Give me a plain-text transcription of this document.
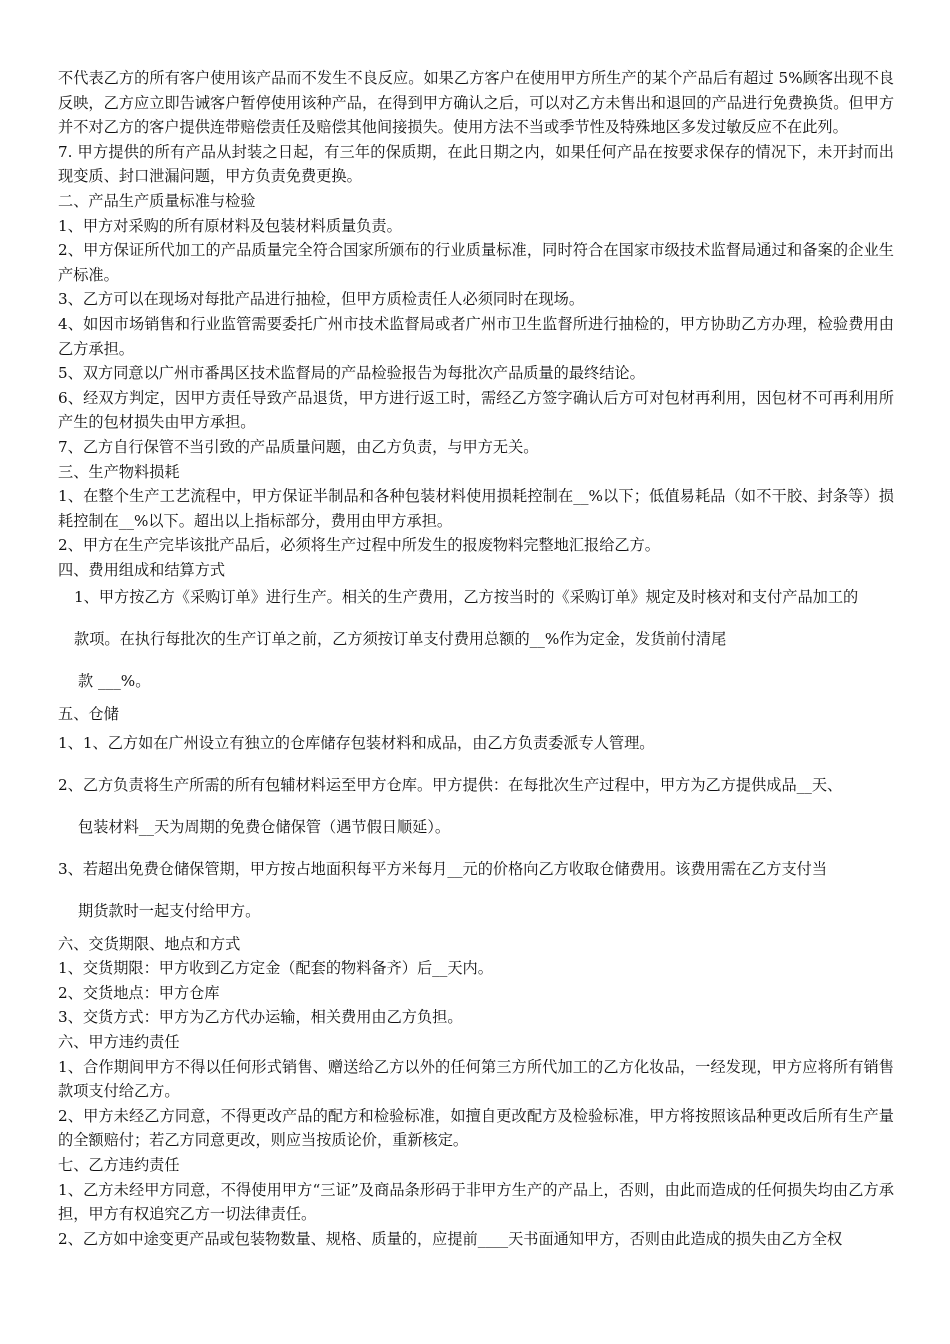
不代表乙方的所有客户使用该产品而不发生不良反应。如果乙方客户在使用甲方所生产的某个产品后有超过 5%顾客出现不良反映，乙方应立即告诫客户暂停使用该种产品，在得到甲方确认之后，可以对乙方未售出和退回的产品进行免费换货。但甲方并不对乙方的客户提供连带赔偿责任及赔偿其他间接损失。使用方法不当或季节性及特殊地区多发过敏反应不在此列。

7. 甲方提供的所有产品从封装之日起，有三年的保质期，在此日期之内，如果任何产品在按要求保存的情况下，未开封而出现变质、封口泄漏问题，甲方负责免费更换。

二、产品生产质量标准与检验

1、甲方对采购的所有原材料及包装材料质量负责。

2、甲方保证所代加工的产品质量完全符合国家所颁布的行业质量标准，同时符合在国家市级技术监督局通过和备案的企业生产标准。

3、乙方可以在现场对每批产品进行抽检，但甲方质检责任人必须同时在现场。

4、如因市场销售和行业监管需要委托广州市技术监督局或者广州市卫生监督所进行抽检的，甲方协助乙方办理，检验费用由乙方承担。

5、双方同意以广州市番禺区技术监督局的产品检验报告为每批次产品质量的最终结论。

6、经双方判定，因甲方责任导致产品退货，甲方进行返工时，需经乙方签字确认后方可对包材再利用，因包材不可再利用所产生的包材损失由甲方承担。

7、乙方自行保管不当引致的产品质量问题，由乙方负责，与甲方无关。

三、生产物料损耗

1、在整个生产工艺流程中，甲方保证半制品和各种包装材料使用损耗控制在__%以下；低值易耗品（如不干胶、封条等）损耗控制在__%以下。超出以上指标部分，费用由甲方承担。

2、甲方在生产完毕该批产品后，必须将生产过程中所发生的报废物料完整地汇报给乙方。

四、费用组成和结算方式

1、甲方按乙方《采购订单》进行生产。相关的生产费用，乙方按当时的《采购订单》规定及时核对和支付产品加工的

款项。在执行每批次的生产订单之前，乙方须按订单支付费用总额的__%作为定金，发货前付清尾

款 ___%。

五、仓储

1、1、乙方如在广州设立有独立的仓库储存包装材料和成品，由乙方负责委派专人管理。

2、乙方负责将生产所需的所有包辅材料运至甲方仓库。甲方提供：在每批次生产过程中，甲方为乙方提供成品__天、

包装材料__天为周期的免费仓储保管（遇节假日顺延）。

3、若超出免费仓储保管期，甲方按占地面积每平方米每月__元的价格向乙方收取仓储费用。该费用需在乙方支付当

期货款时一起支付给甲方。

六、交货期限、地点和方式

1、交货期限：甲方收到乙方定金（配套的物料备齐）后__天内。

2、交货地点：甲方仓库

3、交货方式：甲方为乙方代办运输，相关费用由乙方负担。

六、甲方违约责任

1、合作期间甲方不得以任何形式销售、赠送给乙方以外的任何第三方所代加工的乙方化妆品，一经发现，甲方应将所有销售款项支付给乙方。

2、甲方未经乙方同意，不得更改产品的配方和检验标准，如擅自更改配方及检验标准，甲方将按照该品种更改后所有生产量的全额赔付；若乙方同意更改，则应当按质论价，重新核定。

七、乙方违约责任

1、乙方未经甲方同意，不得使用甲方“三证”及商品条形码于非甲方生产的产品上，否则，由此而造成的任何损失均由乙方承担，甲方有权追究乙方一切法律责任。

2、乙方如中途变更产品或包装物数量、规格、质量的，应提前____天书面通知甲方，否则由此造成的损失由乙方全权
